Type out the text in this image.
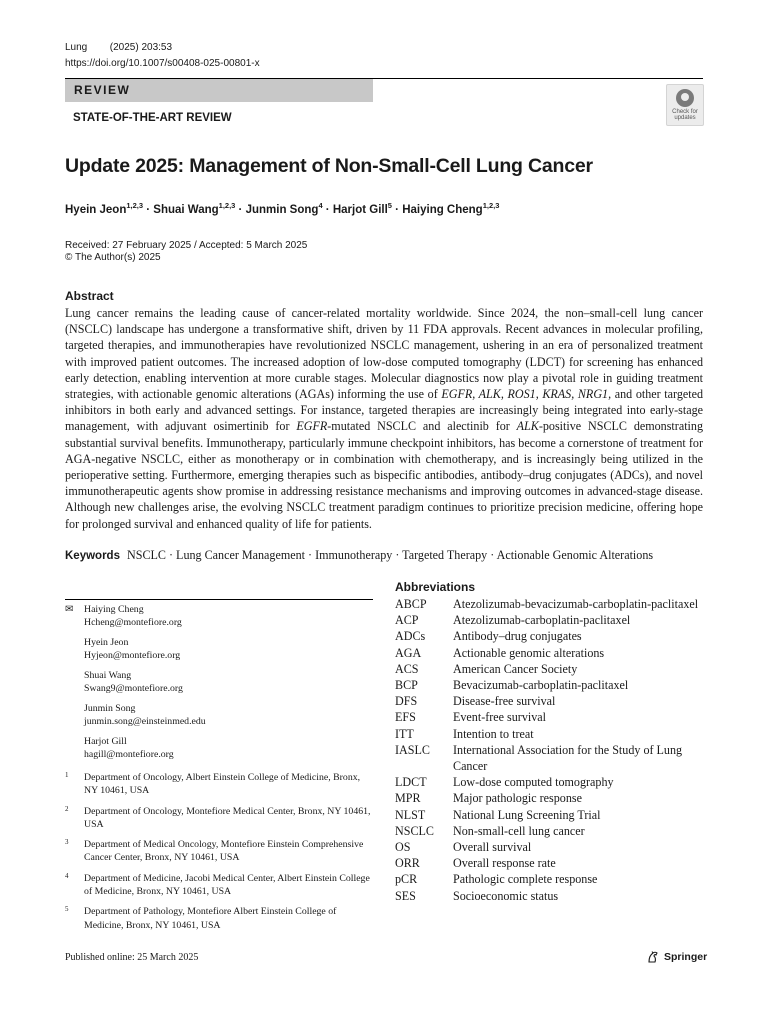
Lung (2025) 203:53
https://doi.org/10.1007/s00408-025-00801-x
REVIEW
STATE-OF-THE-ART REVIEW	Check for
updates
Update 2025: Management of Non-Small-Cell Lung Cancer
Hyein Jeon$^{1,2,3}$ · Shuai Wang$^{1,2,3}$ · Junmin Song$^4$ · Harjot Gill$^5$ · Haiying Cheng$^{1,2,3}$
Received: 27 February 2025 / Accepted: 5 March 2025
© The Author(s) 2025
Abstract
Lung cancer remains the leading cause of cancer-related mortality worldwide. Since 2024, the non–small-cell lung cancer (NSCLC) landscape has undergone a transformative shift, driven by 11 FDA approvals. Recent advances in molecular profiling, targeted therapies, and immunotherapies have revolutionized NSCLC management, ushering in an era of personalized treatment with improved patient outcomes. The increased adoption of low-dose computed tomography (LDCT) for screening has enhanced early detection, enabling intervention at more curable stages. Molecular diagnostics now play a pivotal role in guiding treatment strategies, with actionable genomic alterations (AGAs) informing the use of EGFR, ALK, ROS1, KRAS, NRG1, and other targeted inhibitors in both early and advanced settings. For instance, targeted therapies are increasingly being integrated into early-stage management, with adjuvant osimertinib for EGFR-mutated NSCLC and alectinib for ALK-positive NSCLC demonstrating substantial survival benefits. Immunotherapy, particularly immune checkpoint inhibitors, has become a cornerstone of treatment for AGA-negative NSCLC, either as monotherapy or in combination with chemotherapy, and is increasingly being utilized in the perioperative setting. Furthermore, emerging therapies such as bispecific antibodies, antibody–drug conjugates (ADCs), and novel immunotherapeutic agents show promise in addressing resistance mechanisms and improving outcomes in advanced-stage disease. Although new challenges arise, the evolving NSCLC treatment paradigm continues to prioritize precision medicine, offering hope for prolonged survival and enhanced quality of life for patients.
Keywords NSCLC · Lung Cancer Management · Immunotherapy · Targeted Therapy · Actionable Genomic Alterations
✉ Haiying Cheng
Hcheng@montefiore.org
Hyein Jeon
Hyjeon@montefiore.org
Shuai Wang
Swang9@montefiore.org
Junmin Song
junmin.song@einsteinmed.edu
Harjot Gill
hagill@montefiore.org
1 Department of Oncology, Albert Einstein College of Medicine, Bronx, NY 10461, USA
2 Department of Oncology, Montefiore Medical Center, Bronx, NY 10461, USA
3 Department of Medical Oncology, Montefiore Einstein Comprehensive Cancer Center, Bronx, NY 10461, USA
4 Department of Medicine, Jacobi Medical Center, Albert Einstein College of Medicine, Bronx, NY 10461, USA
5 Department of Pathology, Montefiore Albert Einstein College of Medicine, Bronx, NY 10461, USA
Abbreviations
ABCP	Atezolizumab-bevacizumab-carboplatin-paclitaxel
ACP	Atezolizumab-carboplatin-paclitaxel
ADCs	Antibody–drug conjugates
AGA	Actionable genomic alterations
ACS	American Cancer Society
BCP	Bevacizumab-carboplatin-paclitaxel
DFS	Disease-free survival
EFS	Event-free survival
ITT	Intention to treat
IASLC	International Association for the Study of Lung Cancer
LDCT	Low-dose computed tomography
MPR	Major pathologic response
NLST	National Lung Screening Trial
NSCLC	Non-small-cell lung cancer
OS	Overall survival
ORR	Overall response rate
pCR	Pathologic complete response
SES	Socioeconomic status
Published online: 25 March 2025	Springer
